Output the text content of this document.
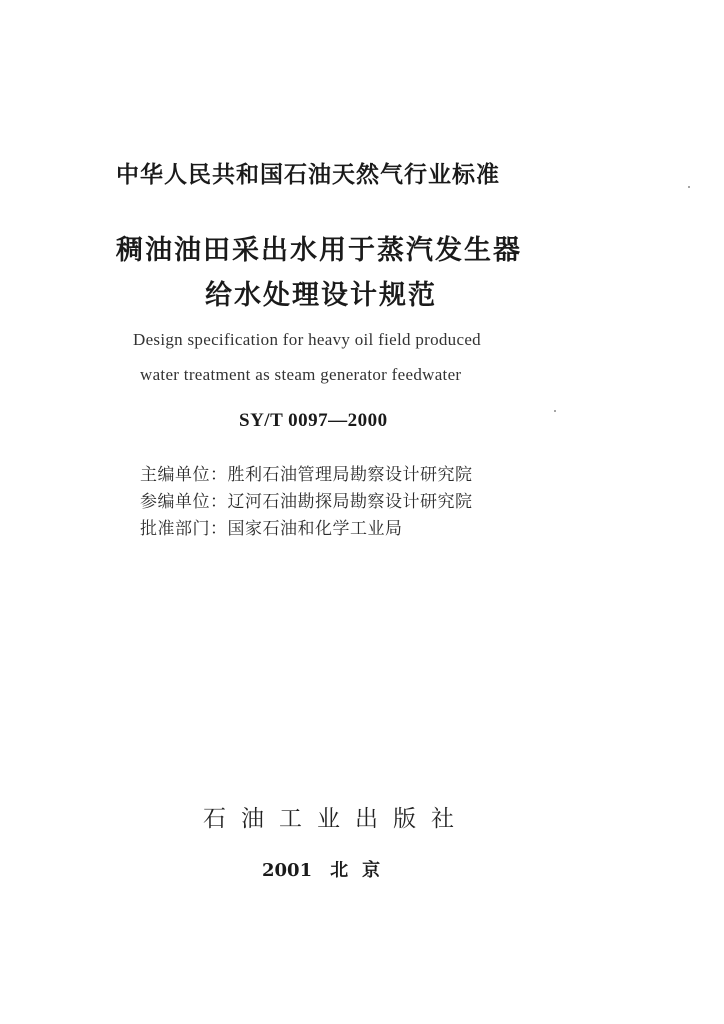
中华人民共和国石油天然气行业标准
稠油油田采出水用于蒸汽发生器
给水处理设计规范
Design specification for heavy oil field produced
water treatment as steam generator feedwater
SY/T 0097—2000
主编单位：胜利石油管理局勘察设计研究院
参编单位：辽河石油勘探局勘察设计研究院
批准部门：国家石油和化学工业局
石油工业出版社
2001 北京
